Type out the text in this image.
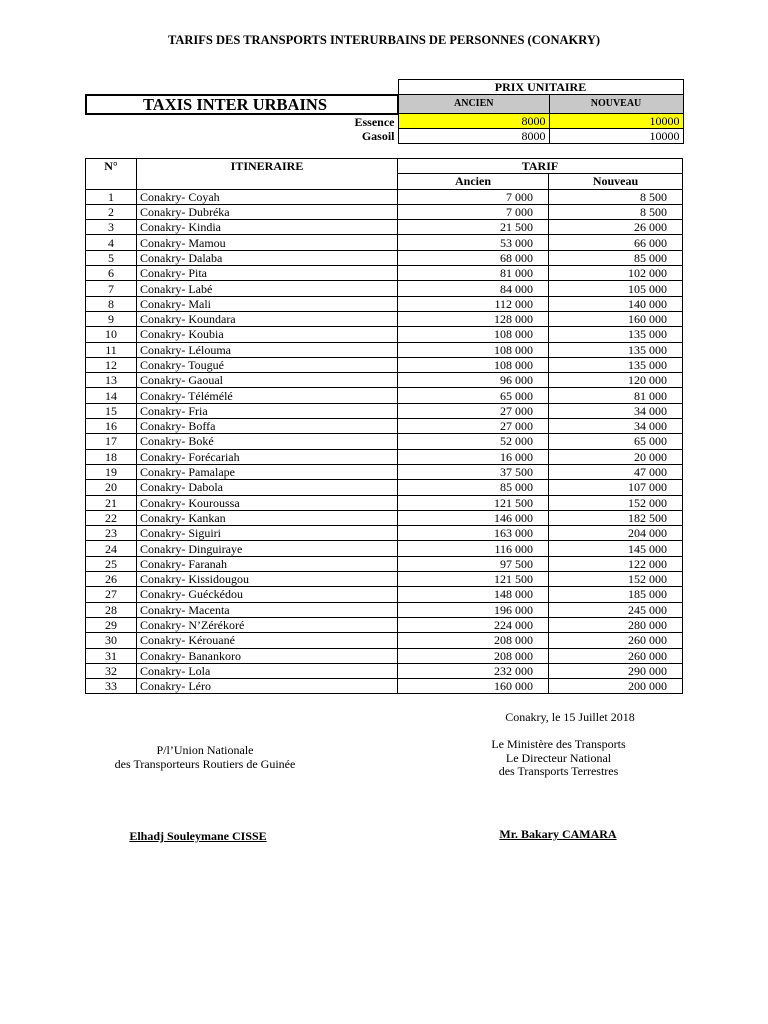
TARIFS DES TRANSPORTS INTERURBAINS DE PERSONNES (CONAKRY)
	PRIX UNITAIRE	
TAXIS INTER URBAINS	ANCIEN	NOUVEAU
Essence	8000	10000
Gasoil	8000	10000
N°	ITINERAIRE	TARIF	
		Ancien	Nouveau
1	Conakry- Coyah	7 000	8 500
2	Conakry- Dubréka	7 000	8 500
3	Conakry- Kindia	21 500	26 000
4	Conakry- Mamou	53 000	66 000
5	Conakry- Dalaba	68 000	85 000
6	Conakry- Pita	81 000	102 000
7	Conakry- Labé	84 000	105 000
8	Conakry- Mali	112 000	140 000
9	Conakry- Koundara	128 000	160 000
10	Conakry- Koubia	108 000	135 000
11	Conakry- Lélouma	108 000	135 000
12	Conakry- Tougué	108 000	135 000
13	Conakry- Gaoual	96 000	120 000
14	Conakry- Télémélé	65 000	81 000
15	Conakry- Fria	27 000	34 000
16	Conakry- Boffa	27 000	34 000
17	Conakry- Boké	52 000	65 000
18	Conakry- Forécariah	16 000	20 000
19	Conakry- Pamalape	37 500	47 000
20	Conakry- Dabola	85 000	107 000
21	Conakry- Kouroussa	121 500	152 000
22	Conakry- Kankan	146 000	182 500
23	Conakry- Siguiri	163 000	204 000
24	Conakry- Dinguiraye	116 000	145 000
25	Conakry- Faranah	97 500	122 000
26	Conakry- Kissidougou	121 500	152 000
27	Conakry- Guéckédou	148 000	185 000
28	Conakry- Macenta	196 000	245 000
29	Conakry- N’Zérékoré	224 000	280 000
30	Conakry- Kérouané	208 000	260 000
31	Conakry- Banankoro	208 000	260 000
32	Conakry- Lola	232 000	290 000
33	Conakry- Léro	160 000	200 000
Conakry, le 15 Juillet 2018
P/l’Union Nationale
des Transporteurs Routiers de Guinée
Le Ministère des Transports
Le Directeur National
des Transports Terrestres
Elhadj Souleymane CISSE	Mr. Bakary CAMARA
